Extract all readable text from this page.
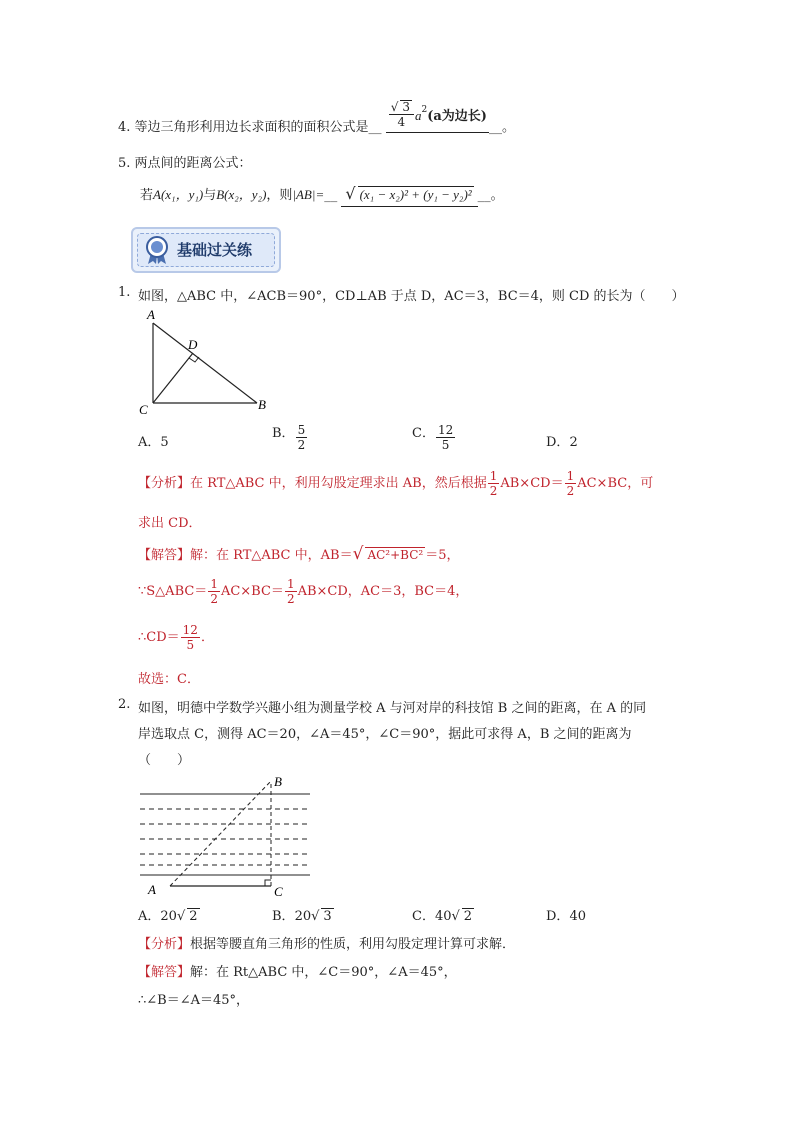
4. 等边三角形利用边长求面积的面积公式是__ $\frac{√ 3}{4} a^2(a$为边长)__。
5. 两点间的距离公式：
若A(x₁，y₁)与B(x₂，y₂)，则|AB|=__ √ (x₁ − x₂)² + (y₁ − y₂)² __。
基础过关练
1. 如图，△ABC 中，∠ACB＝90°，CD⊥AB 于点 D，AC＝3，BC＝4，则 CD 的长为（　　）
A
D
C	B
A．5
B． $\frac{5}{2}$	C． $\frac{12}{5}$	D．2
【分析】在 RT△ABC 中，利用勾股定理求出 AB，然后根据 $\frac{1}{2} AB\times CD= \frac{1}{2} AC\times BC$，可
求出 CD．
【解答】解：在 RT△ABC 中，AB＝√ AC²+BC² ＝5，
∵S△ABC＝ $\frac{1}{2} AC\times BC= \frac{1}{2} AB\times CD$，AC＝3，BC＝4，
∴CD＝ $\frac{12}{5}$ ．
故选：C．
2. 如图，明德中学数学兴趣小组为测量学校 A 与河对岸的科技馆 B 之间的距离，在 A 的同
岸选取点 C，测得 AC＝20，∠A＝45°，∠C＝90°，据此可求得 A，B 之间的距离为
（　　）
B
A	C
A．20√ 2	B．20√ 3	C．40√ 2	D．40
【分析】根据等腰直角三角形的性质，利用勾股定理计算可求解．
【解答】解：在 Rt△ABC 中，∠C＝90°，∠A＝45°，
∴∠B＝∠A＝45°，
